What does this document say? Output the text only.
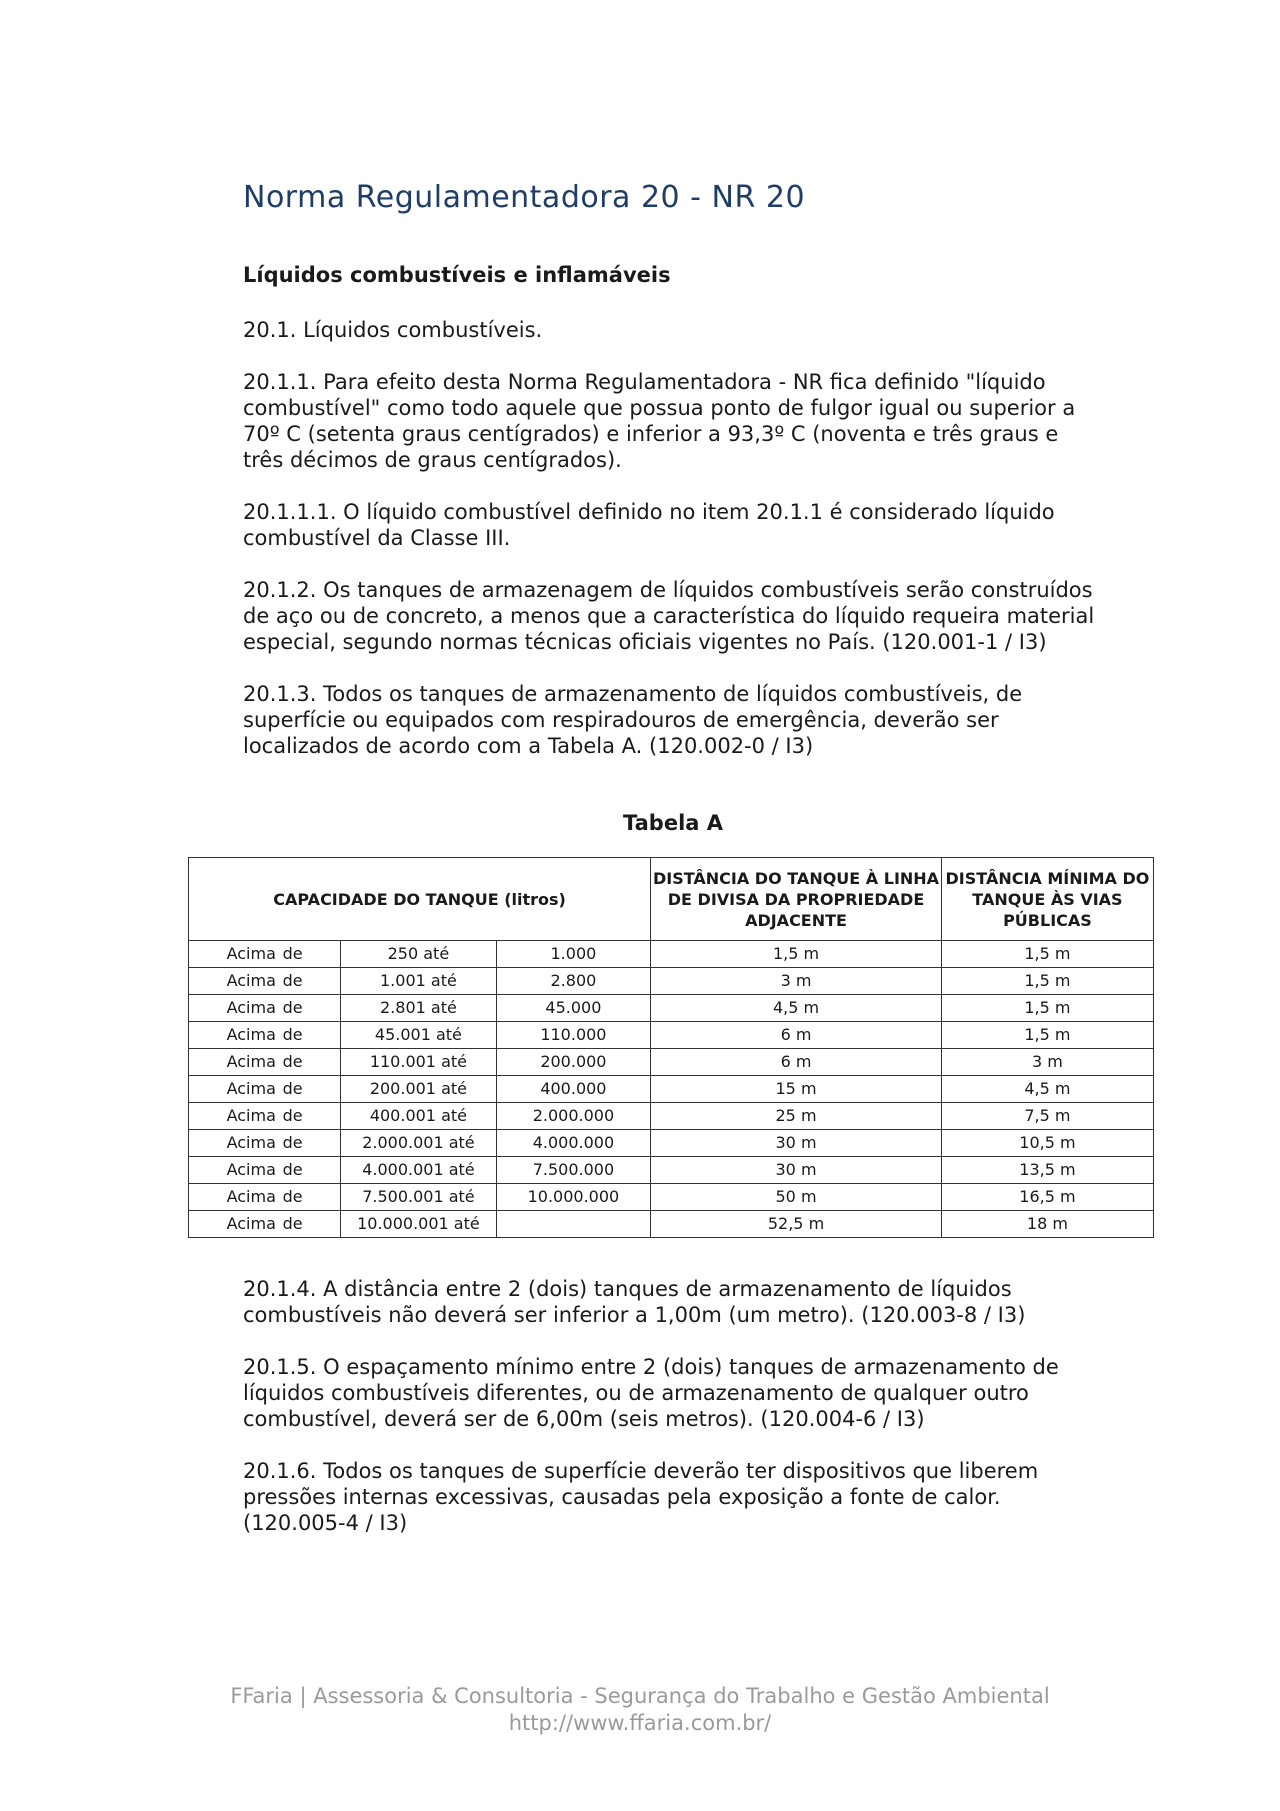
Norma Regulamentadora 20 - NR 20
Líquidos combustíveis e inflamáveis

20.1. Líquidos combustíveis.

20.1.1. Para efeito desta Norma Regulamentadora - NR fica definido "líquido combustível" como todo aquele que possua ponto de fulgor igual ou superior a 70º C (setenta graus centígrados) e inferior a 93,3º C (noventa e três graus e três décimos de graus centígrados).

20.1.1.1. O líquido combustível definido no item 20.1.1 é considerado líquido combustível da Classe III.

20.1.2. Os tanques de armazenagem de líquidos combustíveis serão construídos de aço ou de concreto, a menos que a característica do líquido requeira material especial, segundo normas técnicas oficiais vigentes no País. (120.001-1 / I3)

20.1.3. Todos os tanques de armazenamento de líquidos combustíveis, de superfície ou equipados com respiradouros de emergência, deverão ser localizados de acordo com a Tabela A. (120.002-0 / I3)

Tabela A
CAPACIDADE DO TANQUE (litros)			DISTÂNCIA DO TANQUE À LINHA DE DIVISA DA PROPRIEDADE ADJACENTE	DISTÂNCIA MÍNIMA DO TANQUE ÀS VIAS PÚBLICAS
Acima de	250 até	1.000	1,5 m	1,5 m
Acima de	1.001 até	2.800	3 m	1,5 m
Acima de	2.801 até	45.000	4,5 m	1,5 m
Acima de	45.001 até	110.000	6 m	1,5 m
Acima de	110.001 até	200.000	6 m	3 m
Acima de	200.001 até	400.000	15 m	4,5 m
Acima de	400.001 até	2.000.000	25 m	7,5 m
Acima de	2.000.001 até	4.000.000	30 m	10,5 m
Acima de	4.000.001 até	7.500.000	30 m	13,5 m
Acima de	7.500.001 até	10.000.000	50 m	16,5 m
Acima de	10.000.001 até		52,5 m	18 m

20.1.4. A distância entre 2 (dois) tanques de armazenamento de líquidos combustíveis não deverá ser inferior a 1,00m (um metro). (120.003-8 / I3)

20.1.5. O espaçamento mínimo entre 2 (dois) tanques de armazenamento de líquidos combustíveis diferentes, ou de armazenamento de qualquer outro combustível, deverá ser de 6,00m (seis metros). (120.004-6 / I3)

20.1.6. Todos os tanques de superfície deverão ter dispositivos que liberem pressões internas excessivas, causadas pela exposição a fonte de calor. (120.005-4 / I3)

FFaria | Assessoria & Consultoria - Segurança do Trabalho e Gestão Ambiental
http://www.ffaria.com.br/
